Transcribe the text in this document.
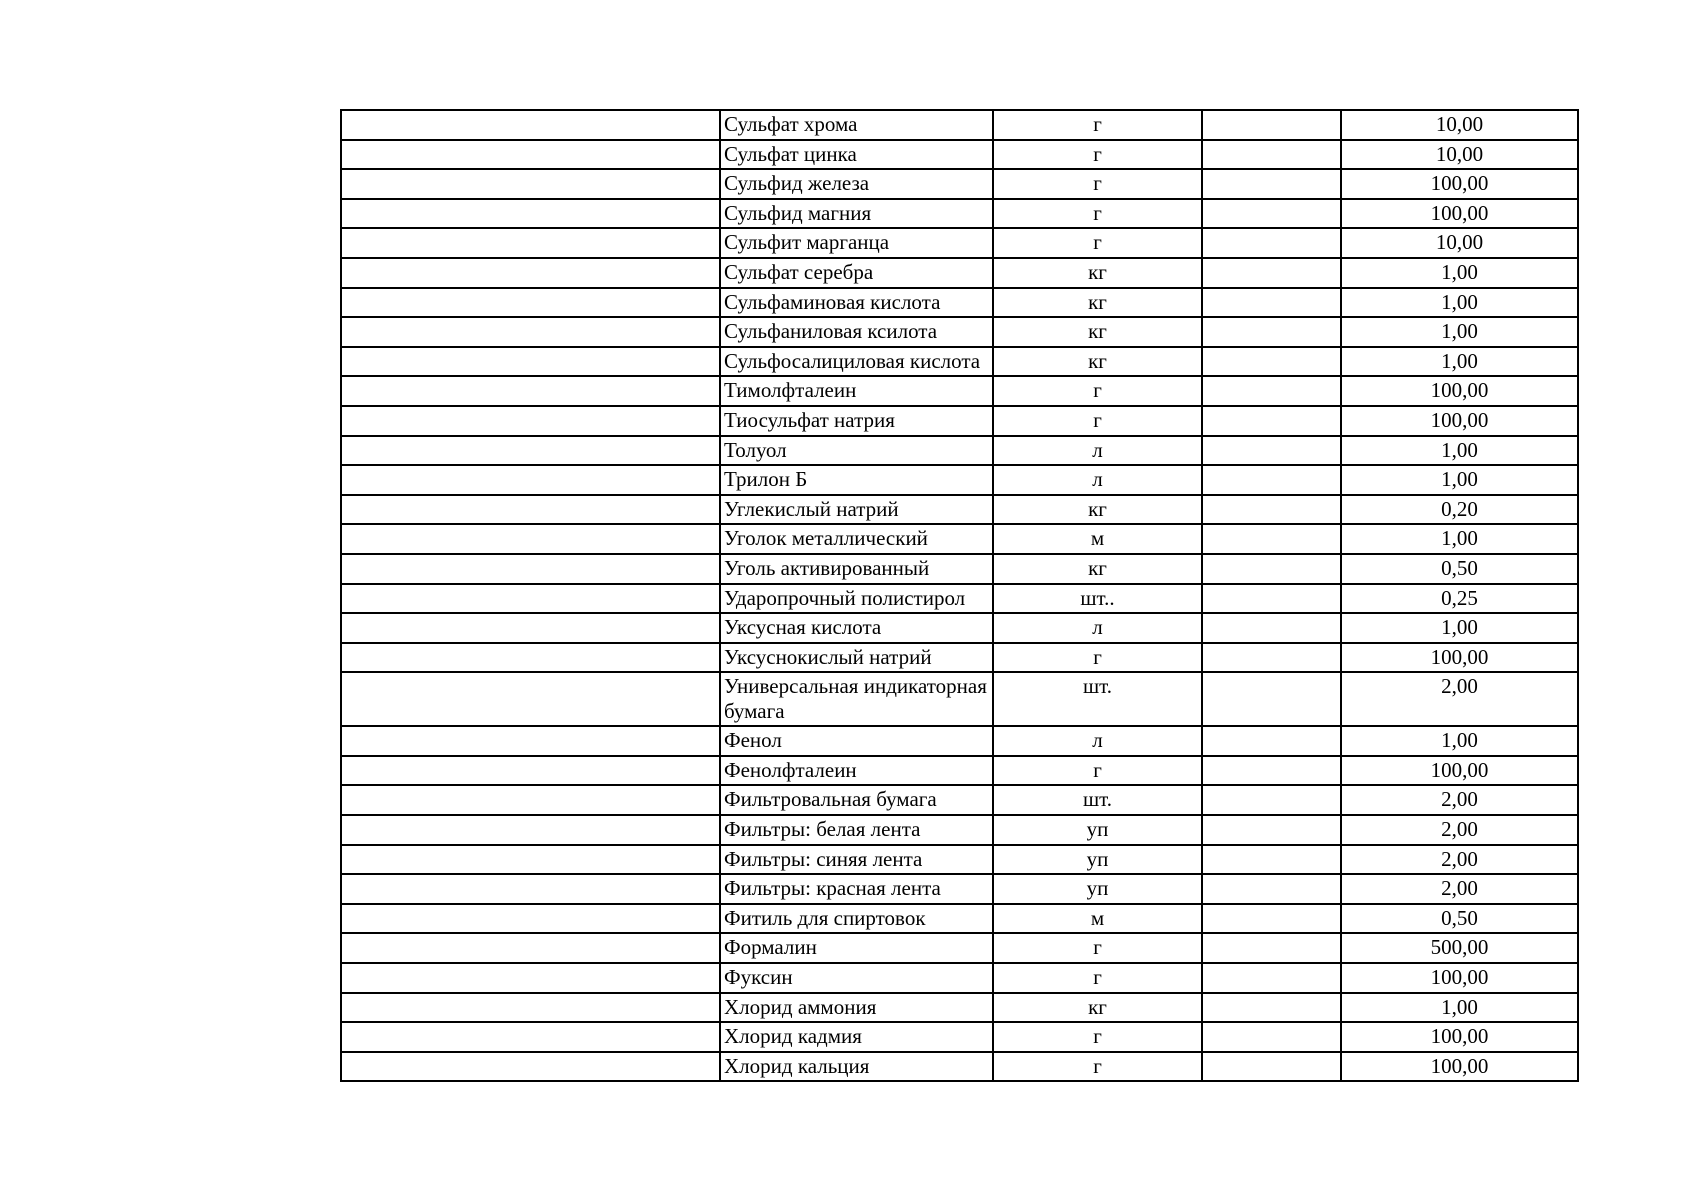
	Сульфат хрома	г		10,00
	Сульфат цинка	г		10,00
	Сульфид железа	г		100,00
	Сульфид магния	г		100,00
	Сульфит марганца	г		10,00
	Сульфат серебра	кг		1,00
	Сульфаминовая кислота	кг		1,00
	Сульфаниловая ксилота	кг		1,00
	Сульфосалициловая кислота	кг		1,00
	Тимолфталеин	г		100,00
	Тиосульфат натрия	г		100,00
	Толуол	л		1,00
	Трилон Б	л		1,00
	Углекислый натрий	кг		0,20
	Уголок металлический	м		1,00
	Уголь активированный	кг		0,50
	Ударопрочный полистирол	шт..		0,25
	Уксусная кислота	л		1,00
	Уксуснокислый натрий	г		100,00
	Универсальная индикаторная бумага	шт.		2,00
	Фенол	л		1,00
	Фенолфталеин	г		100,00
	Фильтровальная бумага	шт.		2,00
	Фильтры: белая лента	уп		2,00
	Фильтры: синяя лента	уп		2,00
	Фильтры: красная лента	уп		2,00
	Фитиль для спиртовок	м		0,50
	Формалин	г		500,00
	Фуксин	г		100,00
	Хлорид аммония	кг		1,00
	Хлорид кадмия	г		100,00
	Хлорид кальция	г		100,00
